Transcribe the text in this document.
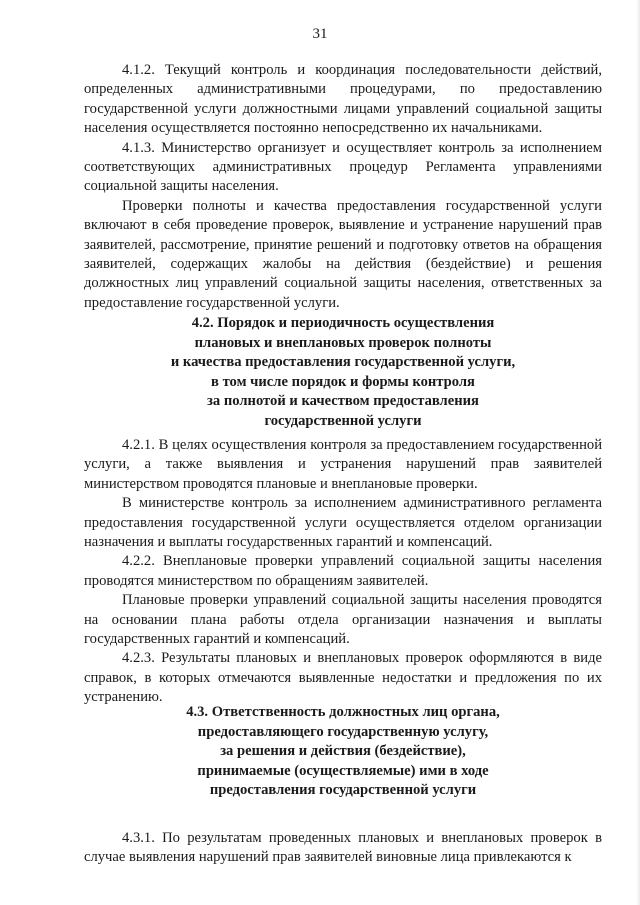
31

4.1.2. Текущий контроль и координация последовательности действий, определенных административными процедурами, по предоставлению государственной услуги должностными лицами управлений социальной защиты населения осуществляется постоянно непосредственно их начальниками.

4.1.3. Министерство организует и осуществляет контроль за исполнением соответствующих административных процедур Регламента управлениями социальной защиты населения.

Проверки полноты и качества предоставления государственной услуги включают в себя проведение проверок, выявление и устранение нарушений прав заявителей, рассмотрение, принятие решений и подготовку ответов на обращения заявителей, содержащих жалобы на действия (бездействие) и решения должностных лиц управлений социальной защиты населения, ответственных за предоставление государственной услуги.

4.2. Порядок и периодичность осуществления
плановых и внеплановых проверок полноты
и качества предоставления государственной услуги,
в том числе порядок и формы контроля
за полнотой и качеством предоставления
государственной услуги

4.2.1. В целях осуществления контроля за предоставлением государственной услуги, а также выявления и устранения нарушений прав заявителей министерством проводятся плановые и внеплановые проверки.

В министерстве контроль за исполнением административного регламента предоставления государственной услуги осуществляется отделом организации назначения и выплаты государственных гарантий и компенсаций.

4.2.2. Внеплановые проверки управлений социальной защиты населения проводятся министерством по обращениям заявителей.

Плановые проверки управлений социальной защиты населения проводятся на основании плана работы отдела организации назначения и выплаты государственных гарантий и компенсаций.

4.2.3. Результаты плановых и внеплановых проверок оформляются в виде справок, в которых отмечаются выявленные недостатки и предложения по их устранению.

4.3. Ответственность должностных лиц органа,
предоставляющего государственную услугу,
за решения и действия (бездействие),
принимаемые (осуществляемые) ими в ходе
предоставления государственной услуги

4.3.1. По результатам проведенных плановых и внеплановых проверок в случае выявления нарушений прав заявителей виновные лица привлекаются к
